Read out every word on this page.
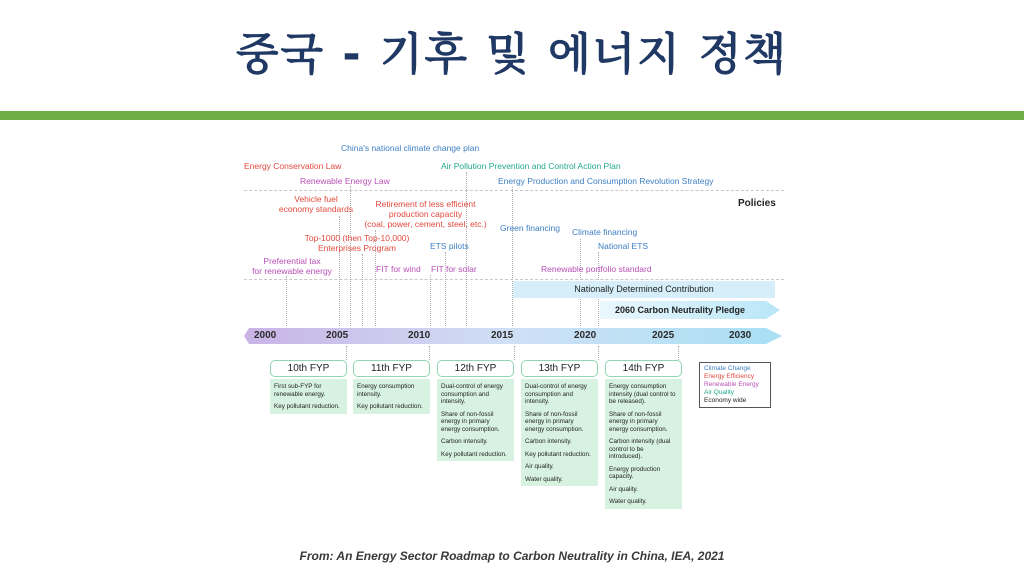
중국 - 기후 및 에너지 정책
China's national climate change plan
Energy Conservation Law	Air Pollution Prevention and Control Action Plan
Renewable Energy Law	Energy Production and Consumption Revolution Strategy
Vehicle fuel
economy standards	Retirement of less efficient
production capacity
(coal, power, cement, steel, etc.)
Policies
Green financing Climate financing
Top-1000 (then Top-10,000)
Enterprises Program	ETS pilots	National ETS
Preferential tax
for renewable energy	FIT for wind FIT for solar	Renewable portfolio standard
Nationally Determined Contribution
2060 Carbon Neutrality Pledge
2000	2005	2010	2015	2020	2025	2030
10th FYP
First sub-FYP for renewable energy.
Key pollutant reduction.
11th FYP
Energy consumption intensity.
Key pollutant reduction.
12th FYP
Dual-control of energy consumption and intensity.
Share of non-fossil energy in primary energy consumption.
Carbon intensity.
Key pollutant reduction.
13th FYP
Dual-control of energy consumption and intensity.
Share of non-fossil energy in primary energy consumption.
Carbon intensity.
Key pollutant reduction.
Air quality.
Water quality.
14th FYP
Energy consumption intensity (dual control to be released).
Share of non-fossil energy in primary energy consumption.
Carbon intensity (dual control to be introduced).
Energy production capacity.
Air quality.
Water quality.
Climate Change
Energy Efficiency
Renewable Energy
Air Quality
Economy wide
From: An Energy Sector Roadmap to Carbon Neutrality in China, IEA, 2021
